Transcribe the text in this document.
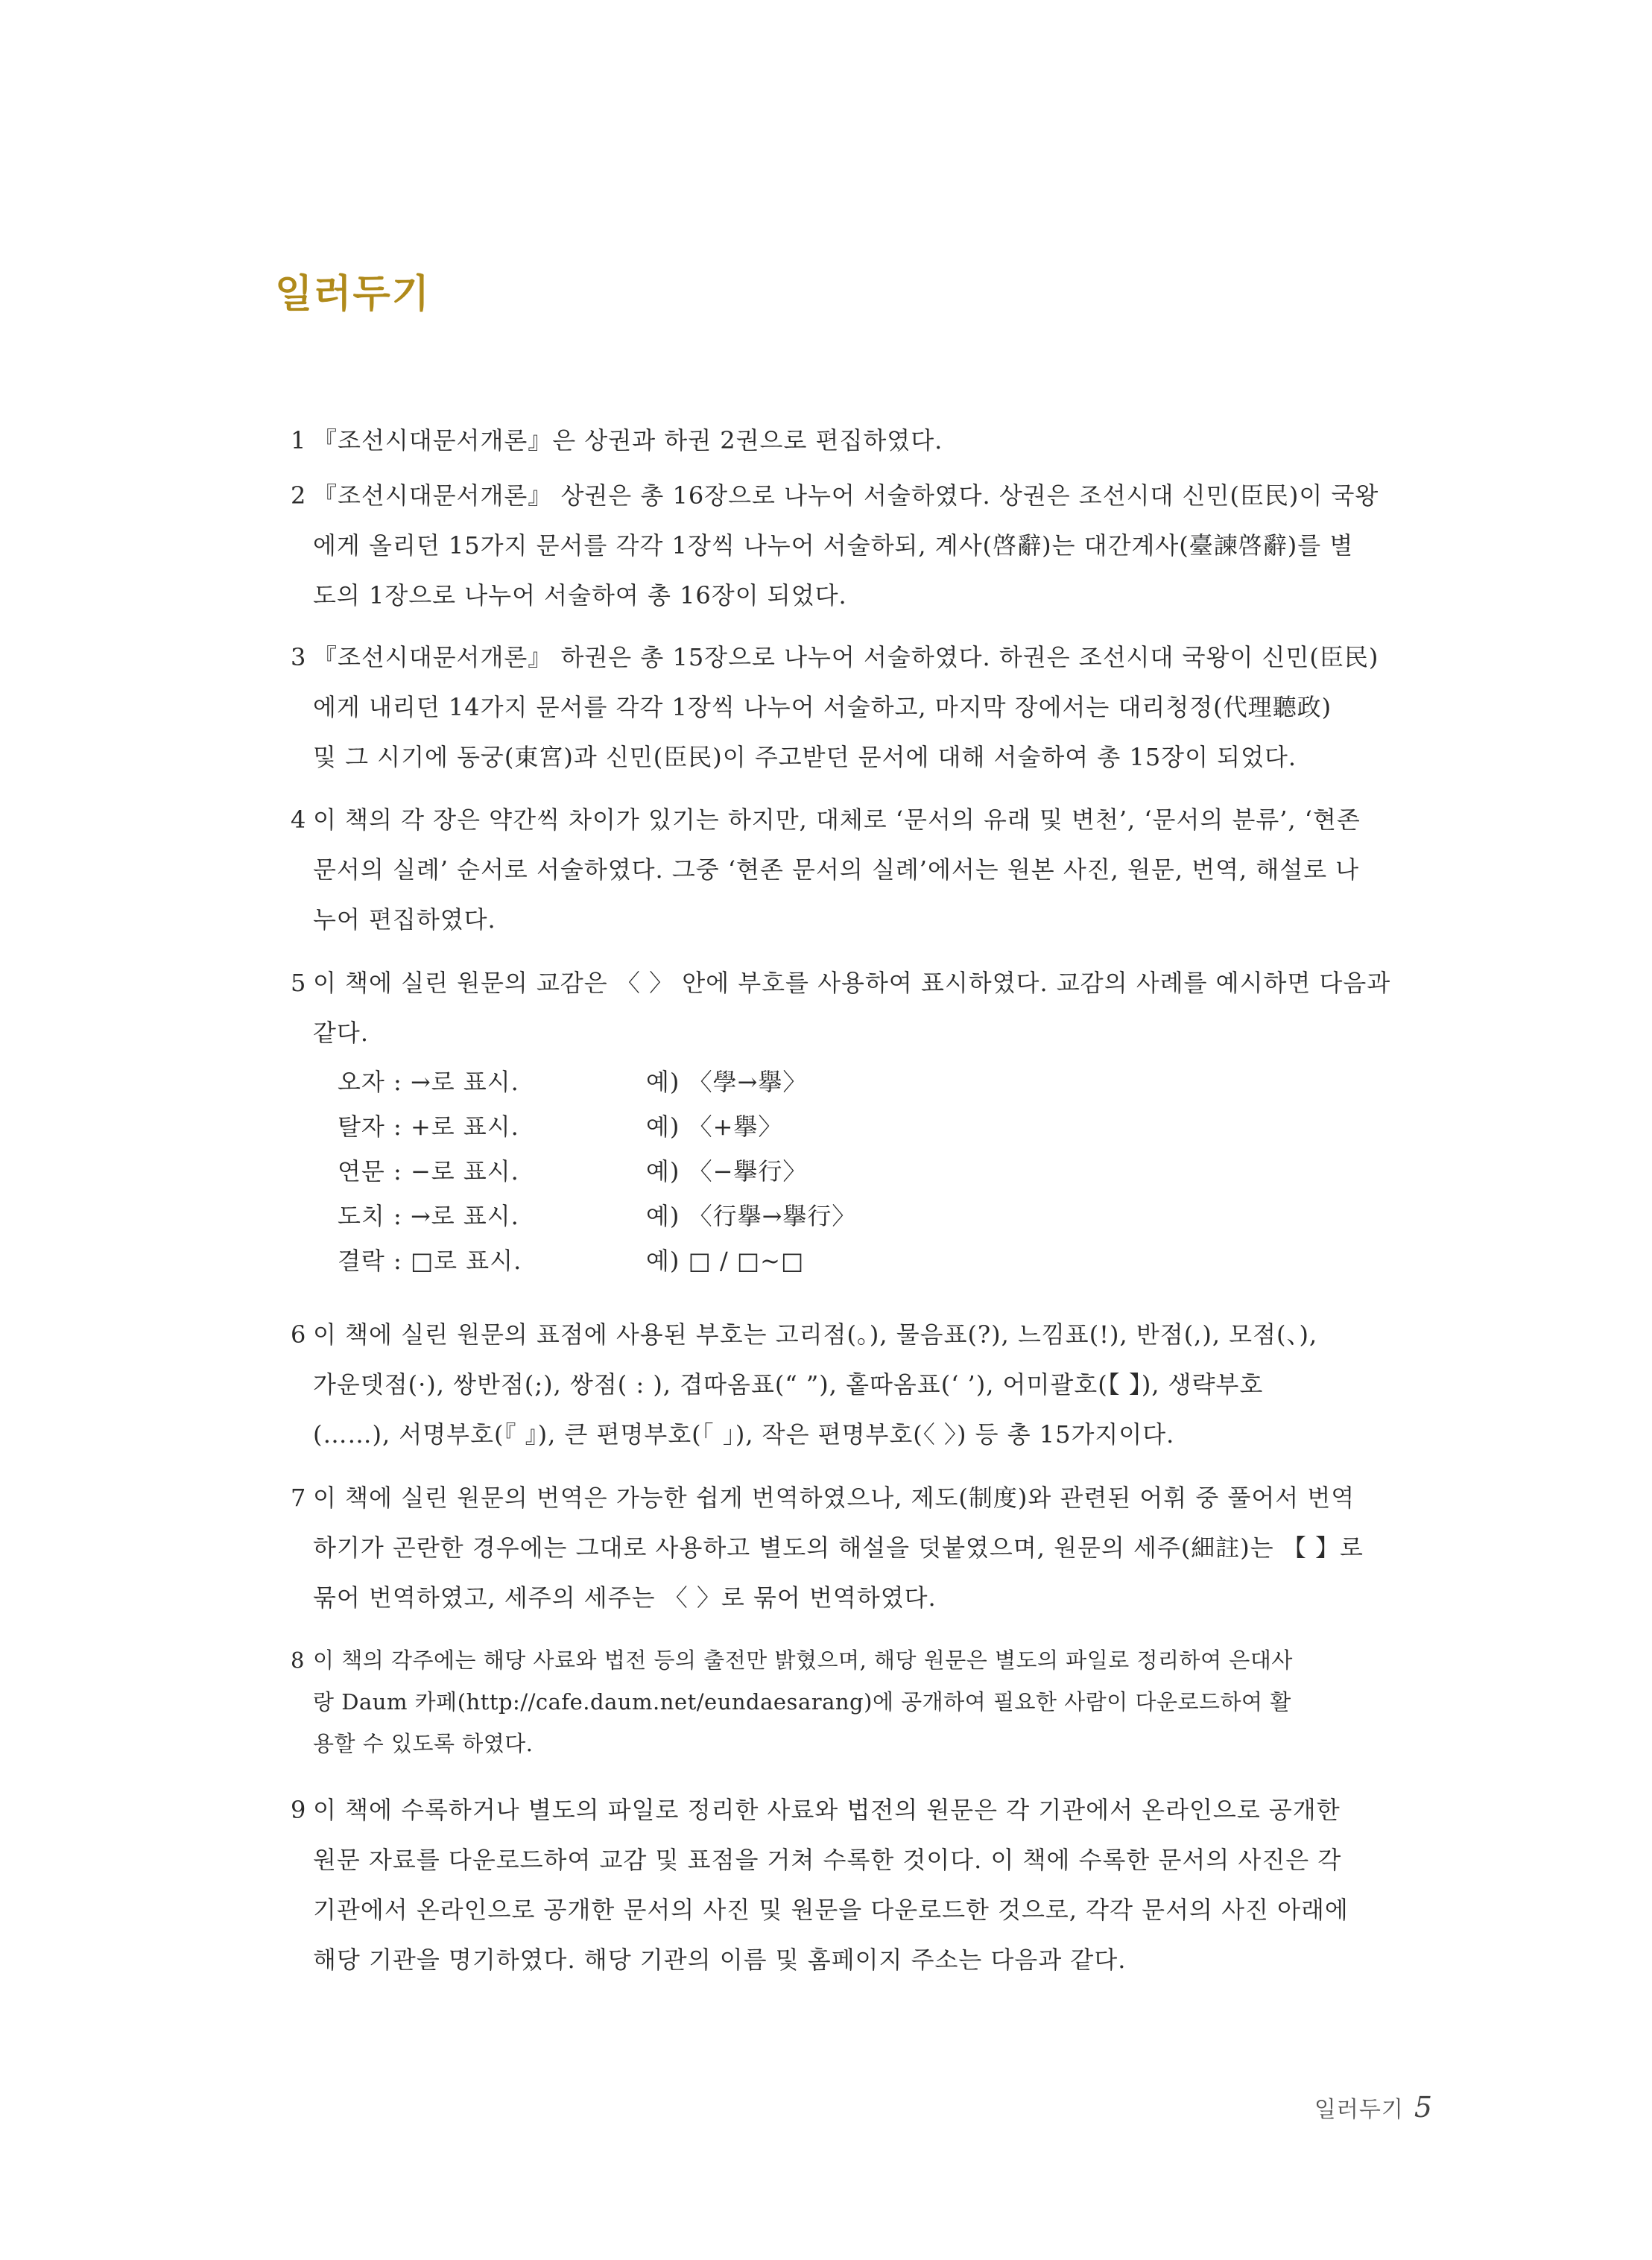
일러두기
1 『조선시대문서개론』은 상권과 하권 2권으로 편집하였다.
2 『조선시대문서개론』 상권은 총 16장으로 나누어 서술하였다. 상권은 조선시대 신민(臣民)이 국왕
에게 올리던 15가지 문서를 각각 1장씩 나누어 서술하되, 계사(啓辭)는 대간계사(臺諫啓辭)를 별
도의 1장으로 나누어 서술하여 총 16장이 되었다.
3 『조선시대문서개론』 하권은 총 15장으로 나누어 서술하였다. 하권은 조선시대 국왕이 신민(臣民)
에게 내리던 14가지 문서를 각각 1장씩 나누어 서술하고, 마지막 장에서는 대리청정(代理聽政)
및 그 시기에 동궁(東宮)과 신민(臣民)이 주고받던 문서에 대해 서술하여 총 15장이 되었다.
4 이 책의 각 장은 약간씩 차이가 있기는 하지만, 대체로 ‘문서의 유래 및 변천’, ‘문서의 분류’, ‘현존
문서의 실례’ 순서로 서술하였다. 그중 ‘현존 문서의 실례’에서는 원본 사진, 원문, 번역, 해설로 나
누어 편집하였다.
5 이 책에 실린 원문의 교감은 〈 〉 안에 부호를 사용하여 표시하였다. 교감의 사례를 예시하면 다음과
같다.
오자 : →로 표시.	예) 〈學→擧〉
탈자 : +로 표시.	예) 〈+擧〉
연문 : −로 표시.	예) 〈−擧行〉
도치 : →로 표시.	예) 〈行擧→擧行〉
결락 : □로 표시.	예) □ / □~□
6 이 책에 실린 원문의 표점에 사용된 부호는 고리점(。), 물음표(?), 느낌표(!), 반점(,), 모점(、),
가운뎃점(·), 쌍반점(;), 쌍점( : ), 겹따옴표(“ ”), 홑따옴표(‘ ’), 어미괄호(【 】), 생략부호
(……), 서명부호(『 』), 큰 편명부호(「 」), 작은 편명부호(〈 〉) 등 총 15가지이다.
7 이 책에 실린 원문의 번역은 가능한 쉽게 번역하였으나, 제도(制度)와 관련된 어휘 중 풀어서 번역
하기가 곤란한 경우에는 그대로 사용하고 별도의 해설을 덧붙였으며, 원문의 세주(細註)는 【 】로
묶어 번역하였고, 세주의 세주는 〈 〉로 묶어 번역하였다.
8 이 책의 각주에는 해당 사료와 법전 등의 출전만 밝혔으며, 해당 원문은 별도의 파일로 정리하여 은대사
랑 Daum 카페(http://cafe.daum.net/eundaesarang)에 공개하여 필요한 사람이 다운로드하여 활
용할 수 있도록 하였다.
9 이 책에 수록하거나 별도의 파일로 정리한 사료와 법전의 원문은 각 기관에서 온라인으로 공개한
원문 자료를 다운로드하여 교감 및 표점을 거쳐 수록한 것이다. 이 책에 수록한 문서의 사진은 각
기관에서 온라인으로 공개한 문서의 사진 및 원문을 다운로드한 것으로, 각각 문서의 사진 아래에
해당 기관을 명기하였다. 해당 기관의 이름 및 홈페이지 주소는 다음과 같다.
일러두기 5
